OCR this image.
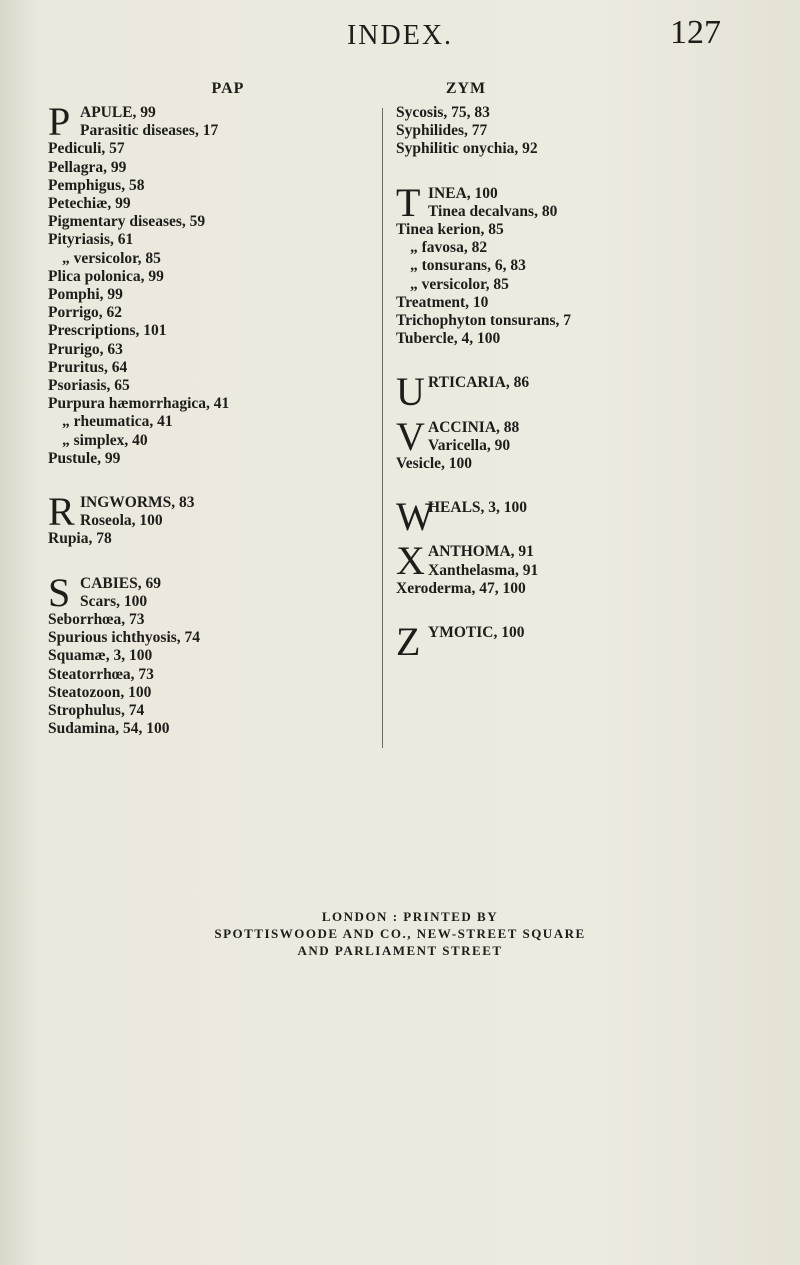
INDEX.	127
PAP
P APULE, 99
Parasitic diseases, 17
Pediculi, 57
Pellagra, 99
Pemphigus, 58
Petechiæ, 99
Pigmentary diseases, 59
Pityriasis, 61
„ versicolor, 85
Plica polonica, 99
Pomphi, 99
Porrigo, 62
Prescriptions, 101
Prurigo, 63
Pruritus, 64
Psoriasis, 65
Purpura hæmorrhagica, 41
„ rheumatica, 41
„ simplex, 40
Pustule, 99
R INGWORMS, 83
Roseola, 100
Rupia, 78
S CABIES, 69
Scars, 100
Seborrhœa, 73
Spurious ichthyosis, 74
Squamæ, 3, 100
Steatorrhœa, 73
Steatozoon, 100
Strophulus, 74
Sudamina, 54, 100
ZYM
Sycosis, 75, 83
Syphilides, 77
Syphilitic onychia, 92
T INEA, 100
Tinea decalvans, 80
Tinea kerion, 85
„ favosa, 82
„ tonsurans, 6, 83
„ versicolor, 85
Treatment, 10
Trichophyton tonsurans, 7
Tubercle, 4, 100
U RTICARIA, 86
V ACCINIA, 88
Varicella, 90
Vesicle, 100
W
HEALS, 3, 100
X ANTHOMA, 91
Xanthelasma, 91
Xeroderma, 47, 100
Z YMOTIC, 100
LONDON : PRINTED BY
SPOTTISWOODE AND CO., NEW-STREET SQUARE
AND PARLIAMENT STREET
